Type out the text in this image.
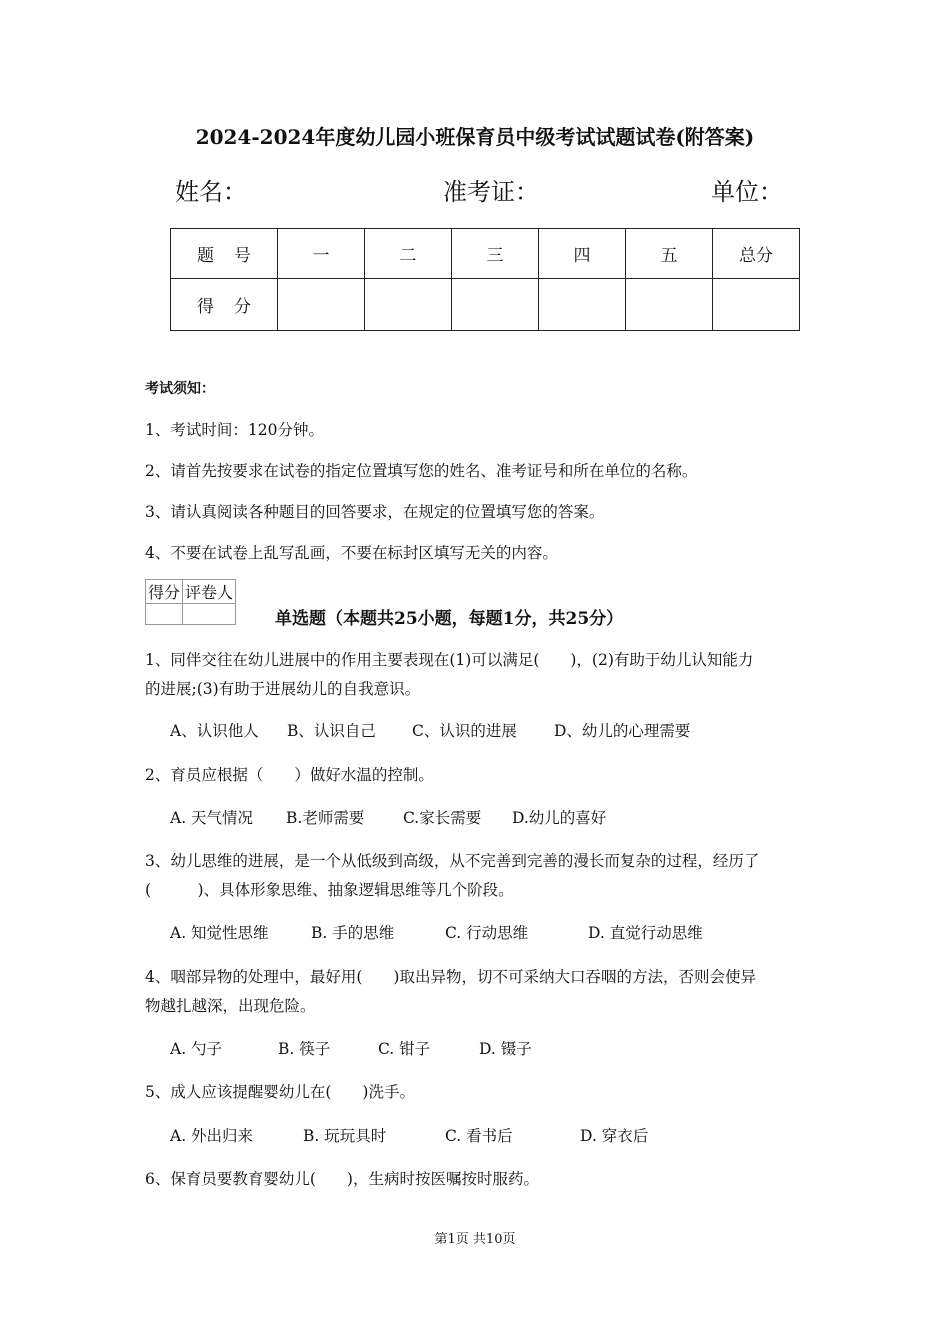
2024-2024年度幼儿园小班保育员中级考试试题试卷(附答案)
姓名：	准考证：	单位：
题号	一	二	三	四	五	总分
得分						
考试须知：
1、考试时间：120分钟。
2、请首先按要求在试卷的指定位置填写您的姓名、准考证号和所在单位的名称。
3、请认真阅读各种题目的回答要求，在规定的位置填写您的答案。
4、不要在试卷上乱写乱画，不要在标封区填写无关的内容。
得分	评卷人

单选题（本题共25小题，每题1分，共25分）
1、同伴交往在幼儿进展中的作用主要表现在(1)可以满足(　　)，(2)有助于幼儿认知能力
的进展;(3)有助于进展幼儿的自我意识。
A、认识他人 B、认识自己 C、认识的进展 D、幼儿的心理需要
2、育员应根据（　　）做好水温的控制。
A. 天气情况 B.老师需要 C.家长需要 D.幼儿的喜好
3、幼儿思维的进展，是一个从低级到高级，从不完善到完善的漫长而复杂的过程，经历了
(　　　)、具体形象思维、抽象逻辑思维等几个阶段。
A. 知觉性思维	B. 手的思维	C. 行动思维	D. 直觉行动思维
4、咽部异物的处理中，最好用(　　)取出异物，切不可采纳大口吞咽的方法，否则会使异
物越扎越深，出现危险。
A. 勺子	B. 筷子	C. 钳子	D. 镊子
5、成人应该提醒婴幼儿在(　　)洗手。
A. 外出归来	B. 玩玩具时	C. 看书后	D. 穿衣后
6、保育员要教育婴幼儿(　　)，生病时按医嘱按时服药。
第1页 共10页
